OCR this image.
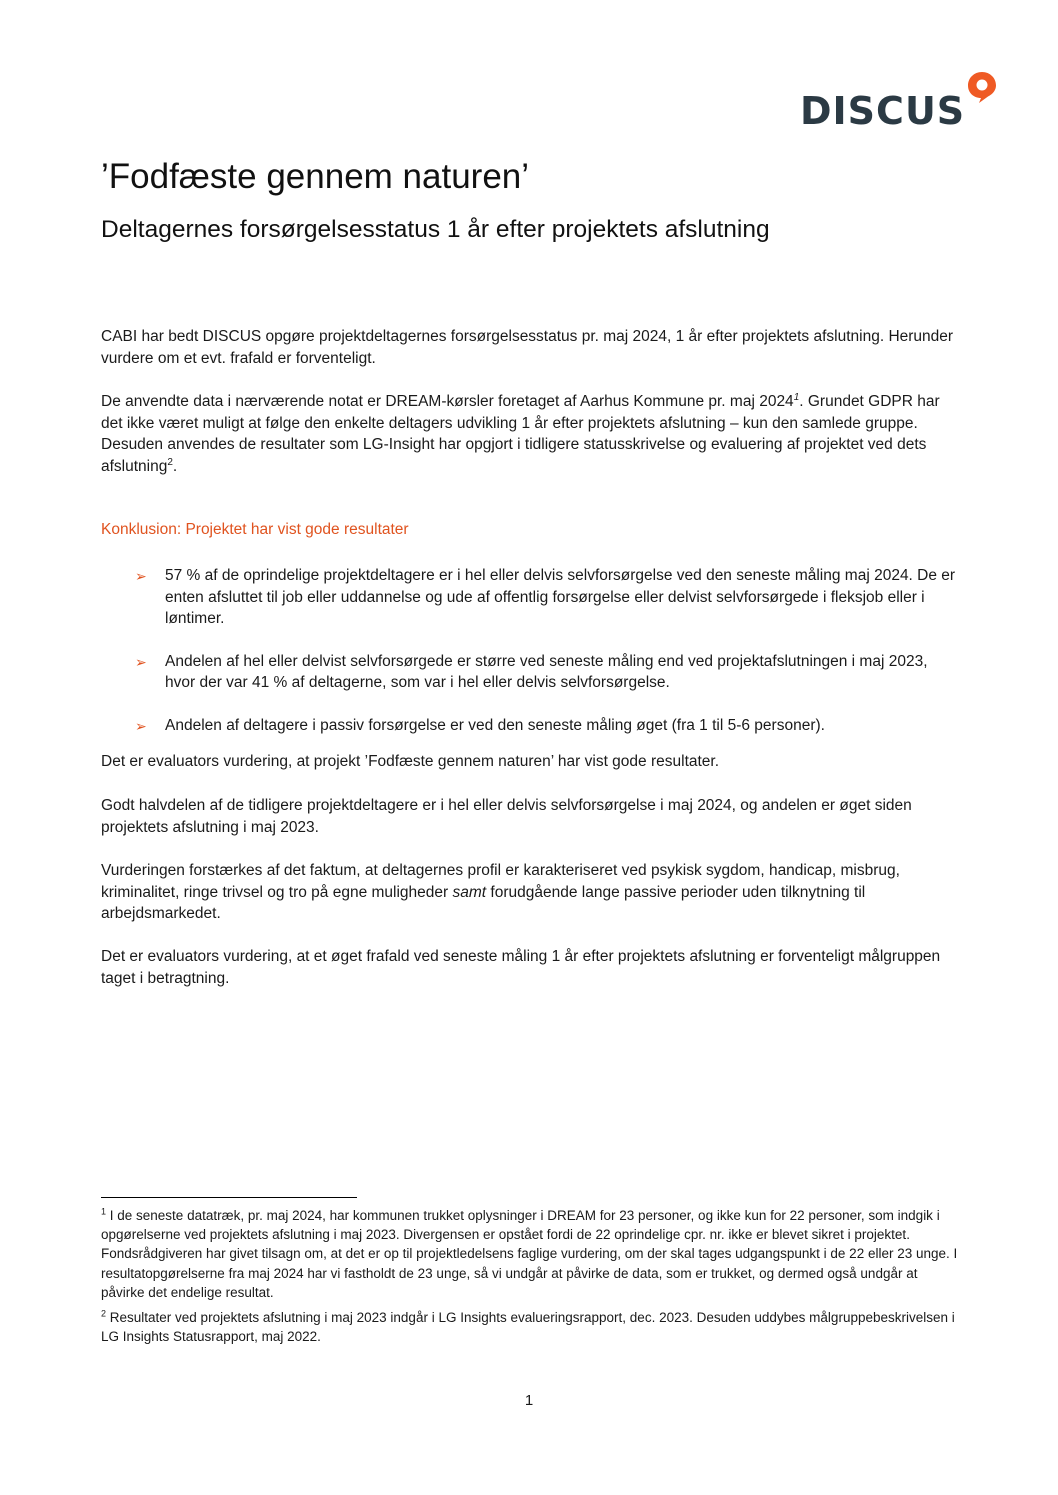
DISCUS
’Fodfæste gennem naturen’
Deltagernes forsørgelsesstatus 1 år efter projektets afslutning

CABI har bedt DISCUS opgøre projektdeltagernes forsørgelsesstatus pr. maj 2024, 1 år efter projektets afslutning. Herunder vurdere om et evt. frafald er forventeligt.

De anvendte data i nærværende notat er DREAM-kørsler foretaget af Aarhus Kommune pr. maj 2024$^1$. Grundet GDPR har det ikke været muligt at følge den enkelte deltagers udvikling 1 år efter projektets afslutning – kun den samlede gruppe. Desuden anvendes de resultater som LG-Insight har opgjort i tidligere statusskrivelse og evaluering af projektet ved dets afslutning$^2$.

Konklusion: Projektet har vist gode resultater
➢ 57 % af de oprindelige projektdeltagere er i hel eller delvis selvforsørgelse ved den seneste måling maj 2024. De er enten afsluttet til job eller uddannelse og ude af offentlig forsørgelse eller delvist selvforsørgede i fleksjob eller i løntimer.
➢ Andelen af hel eller delvist selvforsørgede er større ved seneste måling end ved projektafslutningen i maj 2023, hvor der var 41 % af deltagerne, som var i hel eller delvis selvforsørgelse.
➢ Andelen af deltagere i passiv forsørgelse er ved den seneste måling øget (fra 1 til 5-6 personer).

Det er evaluators vurdering, at projekt ’Fodfæste gennem naturen’ har vist gode resultater.

Godt halvdelen af de tidligere projektdeltagere er i hel eller delvis selvforsørgelse i maj 2024, og andelen er øget siden projektets afslutning i maj 2023.

Vurderingen forstærkes af det faktum, at deltagernes profil er karakteriseret ved psykisk sygdom, handicap, misbrug, kriminalitet, ringe trivsel og tro på egne muligheder samt forudgående lange passive perioder uden tilknytning til arbejdsmarkedet.

Det er evaluators vurdering, at et øget frafald ved seneste måling 1 år efter projektets afslutning er forventeligt målgruppen taget i betragtning.

$^1$ I de seneste datatræk, pr. maj 2024, har kommunen trukket oplysninger i DREAM for 23 personer, og ikke kun for 22 personer, som indgik i opgørelserne ved projektets afslutning i maj 2023. Divergensen er opstået fordi de 22 oprindelige cpr. nr. ikke er blevet sikret i projektet. Fondsrådgiveren har givet tilsagn om, at det er op til projektledelsens faglige vurdering, om der skal tages udgangspunkt i de 22 eller 23 unge. I resultatopgørelserne fra maj 2024 har vi fastholdt de 23 unge, så vi undgår at påvirke de data, som er trukket, og dermed også undgår at påvirke det endelige resultat.

$^2$ Resultater ved projektets afslutning i maj 2023 indgår i LG Insights evalueringsrapport, dec. 2023. Desuden uddybes målgruppebeskrivelsen i LG Insights Statusrapport, maj 2022.

1
